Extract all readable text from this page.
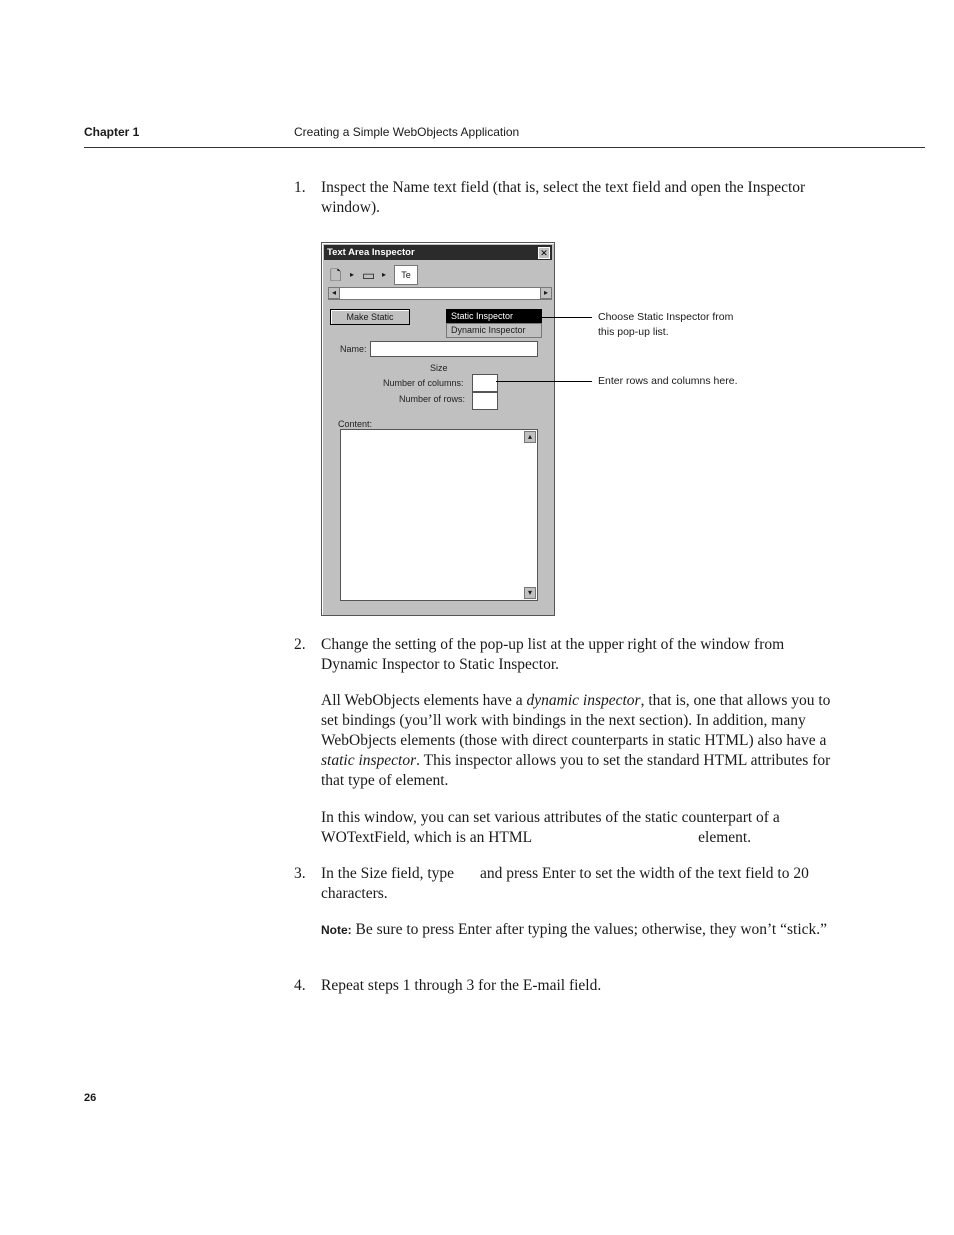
Chapter 1	Creating a Simple WebObjects Application
1. Inspect the Name text field (that is, select the text field and open the Inspector window).
Text Area Inspector	✕
🗋 ▸ ▭ ▸	Te
◂	▸
Make Static	Static Inspector
Dynamic Inspector
Name:
Size
Number of columns:
Number of rows:
Content:
▴
▾
Choose Static Inspector from this pop-up list.
Enter rows and columns here.
2. Change the setting of the pop-up list at the upper right of the window from Dynamic Inspector to Static Inspector.
All WebObjects elements have a dynamic inspector, that is, one that allows you to set bindings (you’ll work with bindings in the next section). In addition, many WebObjects elements (those with direct counterparts in static HTML) also have a static inspector. This inspector allows you to set the standard HTML attributes for that type of element.
In this window, you can set various attributes of the static counterpart of a WOTextField, which is an HTML	element.
3. In the Size field, type and press Enter to set the width of the text field to 20 characters.
Note: Be sure to press Enter after typing the values; otherwise, they won’t “stick.”
4. Repeat steps 1 through 3 for the E-mail field.
26
